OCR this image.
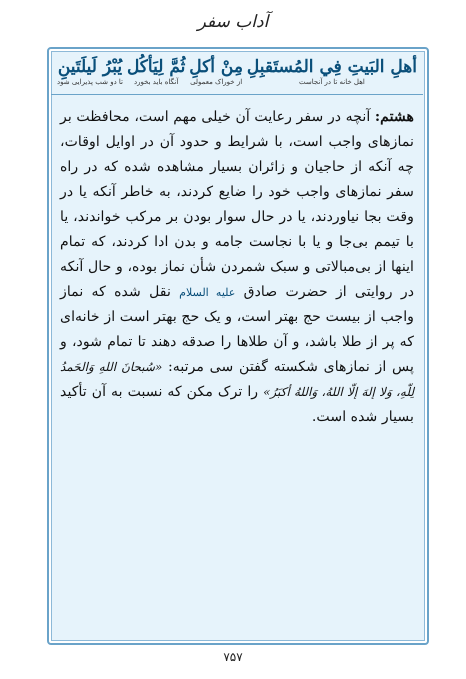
آداب سفر
يُبْرُ لَيلَتَينِ
تا دو شب پذیرایی شود
ثُمَّ لِيَأكُل
آنگاه باید بخورد
مِنْ أكلِ
از خوراک معمولی
أهلِ البَيتِ فِي المُستَقبِلِ
اهل خانه تا در آنجاست
هشتم: آنچه در سفر رعایت آن خیلی مهم است، محافظت بر نمازهای واجب است، با شرایط و حدود آن در اوایل اوقات، چه آنکه از حاجیان و زائران بسیار مشاهده شده که در راه سفر نمازهای واجب خود را ضایع کردند، به خاطر آنکه یا در وقت بجا نیاوردند، یا در حال سوار بودن بر مرکب خواندند، یا با تیمم بی‌جا و یا با نجاست جامه و بدن ادا کردند، که تمام اینها از بی‌مبالاتی و سبک شمردن شأن نماز بوده، و حال آنکه در روایتی از حضرت صادق عليه السلام نقل شده که نماز واجب از بیست حج بهتر است، و یک حج بهتر است از خانه‌ای که پر از طلا باشد، و آن طلاها را صدقه دهند تا تمام شود، و پس از نمازهای شکسته گفتن سی مرتبه: «سُبحانَ اللهِ وَالحَمدُ لِلّهِ، وَلا إلهَ إلّا اللهُ، وَاللهُ أكبَرُ» را ترک مکن که نسبت به آن تأکید بسیار شده است.
۷۵۷
